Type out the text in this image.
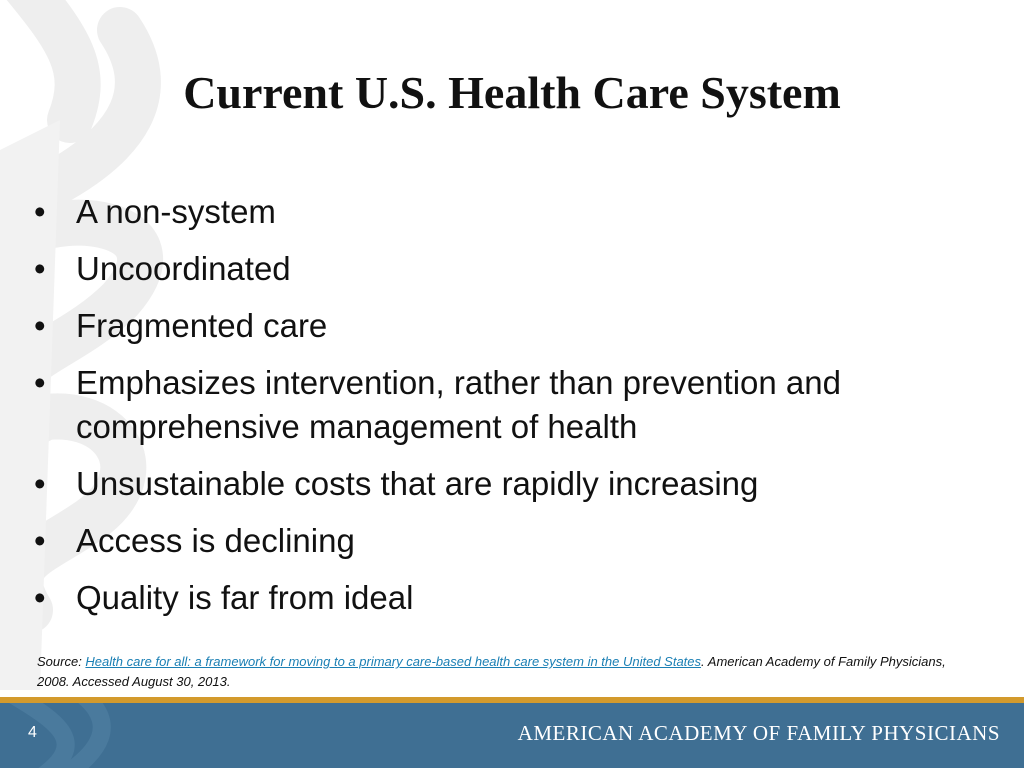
Current U.S. Health Care System
• A non-system
• Uncoordinated
• Fragmented care
• Emphasizes intervention, rather than prevention and comprehensive management of health
• Unsustainable costs that are rapidly increasing
• Access is declining
• Quality is far from ideal
Source: Health care for all: a framework for moving to a primary care-based health care system in the United States. American Academy of Family Physicians, 2008. Accessed August 30, 2013.
4	AMERICAN ACADEMY OF FAMILY PHYSICIANS
